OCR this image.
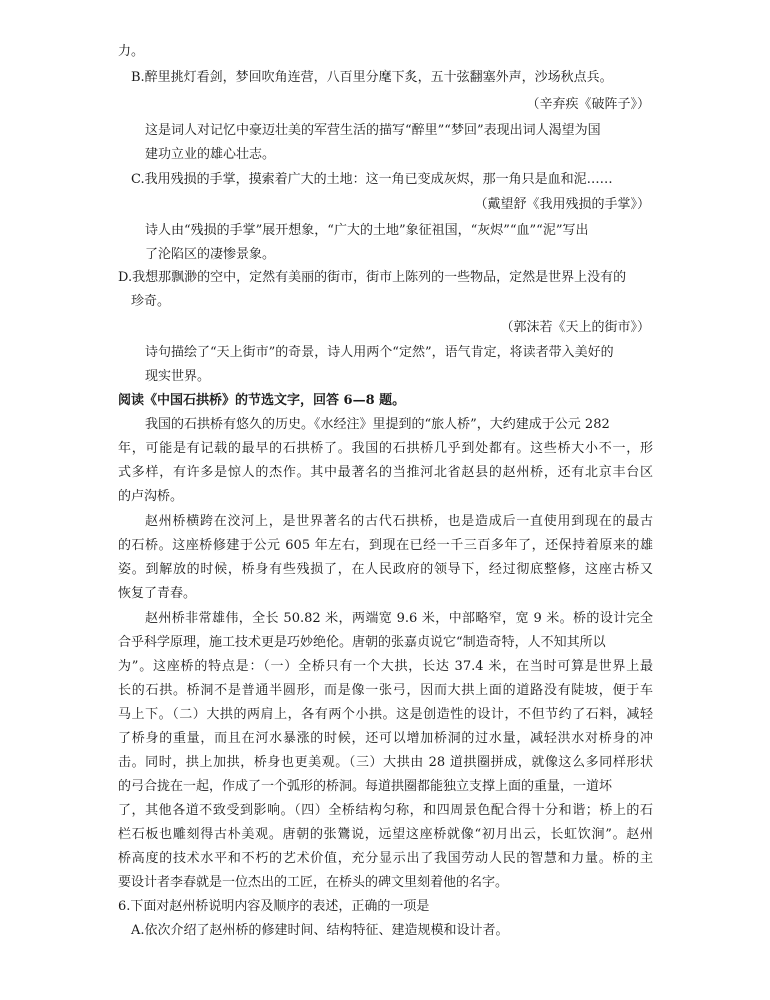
力。
B.醉里挑灯看剑，梦回吹角连营，八百里分麾下炙，五十弦翻塞外声，沙场秋点兵。
（辛弃疾《破阵子》）
这是词人对记忆中豪迈壮美的军营生活的描写“醉里”“梦回”表现出词人渴望为国
建功立业的雄心壮志。
C.我用残损的手掌，摸索着广大的土地：这一角已变成灰烬，那一角只是血和泥……
（戴望舒《我用残损的手掌》）
诗人由“残损的手掌”展开想象，“广大的土地”象征祖国，“灰烬”“血”“泥”写出
了沦陷区的凄惨景象。
D.我想那飘渺的空中，定然有美丽的街市，街市上陈列的一些物品，定然是世界上没有的
珍奇。
（郭沫若《天上的街市》）
诗句描绘了“天上街市”的奇景，诗人用两个“定然”，语气肯定，将读者带入美好的
现实世界。
阅读《中国石拱桥》的节选文字，回答 6—8 题。
我国的石拱桥有悠久的历史。《水经注》里提到的“旅人桥”，大约建成于公元 282
年，可能是有记载的最早的石拱桥了。我国的石拱桥几乎到处都有。这些桥大小不一，形
式多样，有许多是惊人的杰作。其中最著名的当推河北省赵县的赵州桥，还有北京丰台区
的卢沟桥。
赵州桥横跨在洨河上，是世界著名的古代石拱桥，也是造成后一直使用到现在的最古
的石桥。这座桥修建于公元 605 年左右，到现在已经一千三百多年了，还保持着原来的雄
姿。到解放的时候，桥身有些残损了，在人民政府的领导下，经过彻底整修，这座古桥又
恢复了青春。
赵州桥非常雄伟，全长 50.82 米，两端宽 9.6 米，中部略窄，宽 9 米。桥的设计完全
合乎科学原理，施工技术更是巧妙绝伦。唐朝的张嘉贞说它“制造奇特，人不知其所以
为”。这座桥的特点是：（一）全桥只有一个大拱，长达 37.4 米，在当时可算是世界上最
长的石拱。桥洞不是普通半圆形，而是像一张弓，因而大拱上面的道路没有陡坡，便于车
马上下。（二）大拱的两肩上，各有两个小拱。这是创造性的设计，不但节约了石料，减轻
了桥身的重量，而且在河水暴涨的时候，还可以增加桥洞的过水量，减轻洪水对桥身的冲
击。同时，拱上加拱，桥身也更美观。（三）大拱由 28 道拱圈拼成，就像这么多同样形状
的弓合拢在一起，作成了一个弧形的桥洞。每道拱圈都能独立支撑上面的重量，一道坏
了，其他各道不致受到影响。（四）全桥结构匀称，和四周景色配合得十分和谐；桥上的石
栏石板也雕刻得古朴美观。唐朝的张鷟说，远望这座桥就像“初月出云，长虹饮涧”。赵州
桥高度的技术水平和不朽的艺术价值，充分显示出了我国劳动人民的智慧和力量。桥的主
要设计者李春就是一位杰出的工匠，在桥头的碑文里刻着他的名字。
6.下面对赵州桥说明内容及顺序的表述，正确的一项是
A.依次介绍了赵州桥的修建时间、结构特征、建造规模和设计者。
